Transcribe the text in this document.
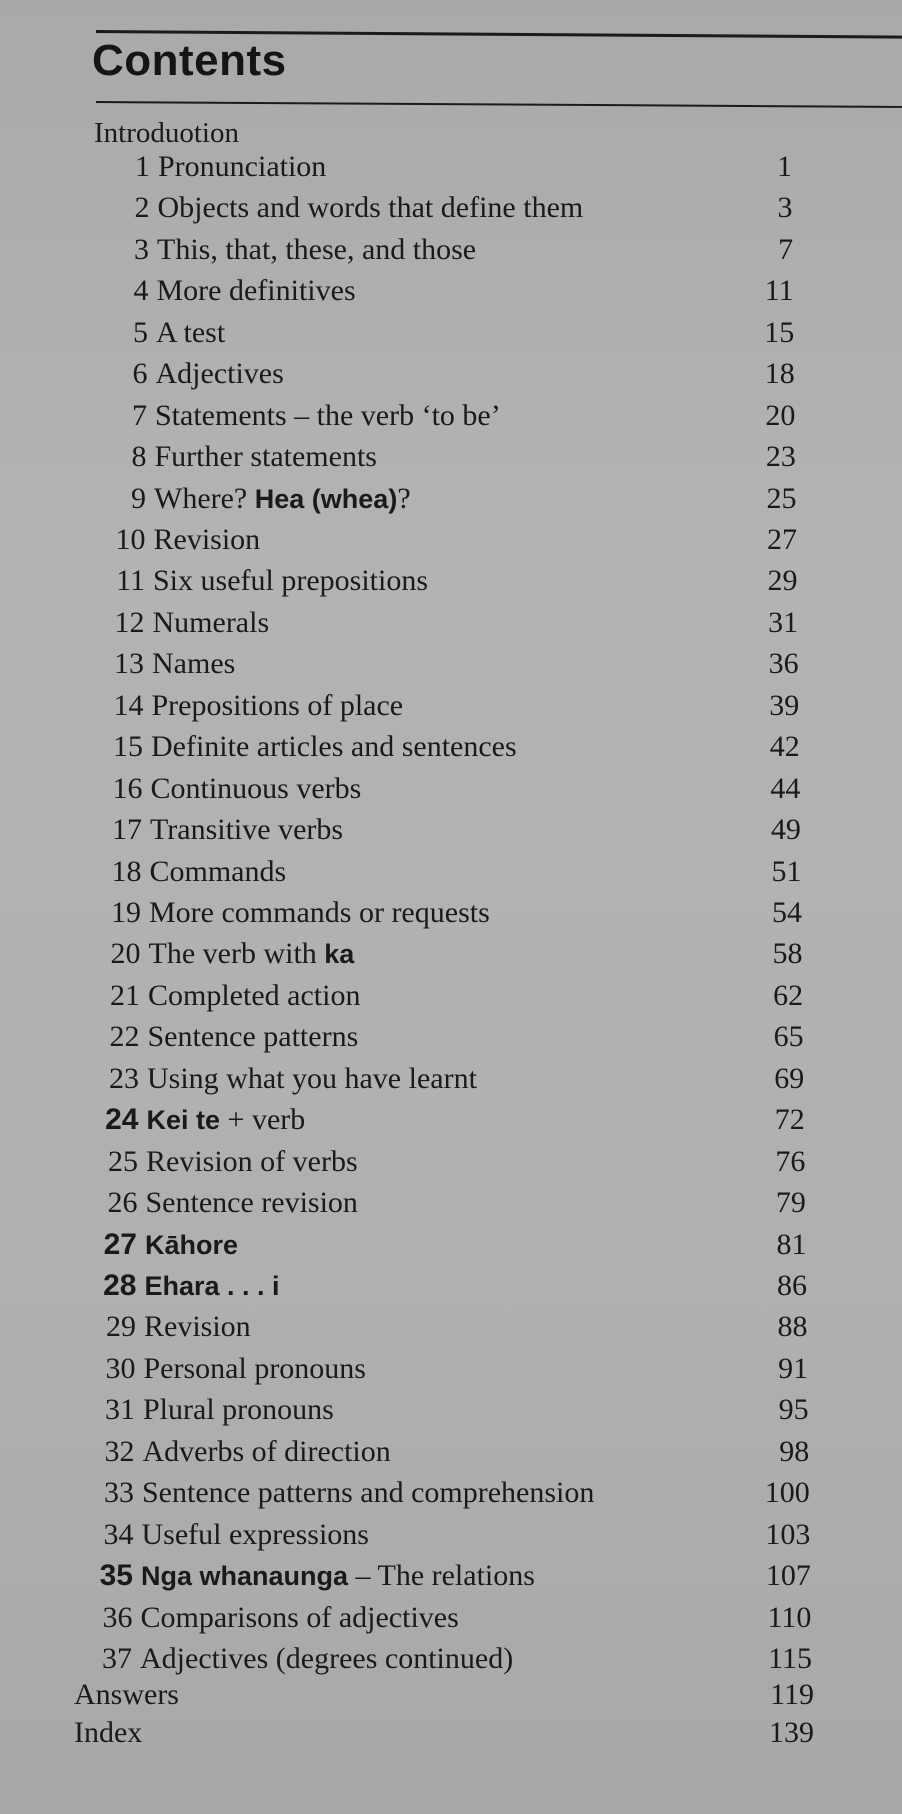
Contents
Introduotion
1 Pronunciation	1
2 Objects and words that define them	3
3 This, that, these, and those	7
4 More definitives	11
5 A test	15
6 Adjectives	18
7 Statements – the verb ‘to be’	20
8 Further statements	23
9 Where? Hea (whea)?	25
10 Revision	27
11 Six useful prepositions	29
12 Numerals	31
13 Names	36
14 Prepositions of place	39
15 Definite articles and sentences	42
16 Continuous verbs	44
17 Transitive verbs	49
18 Commands	51
19 More commands or requests	54
20 The verb with ka	58
21 Completed action	62
22 Sentence patterns	65
23 Using what you have learnt	69
24 Kei te + verb	72
25 Revision of verbs	76
26 Sentence revision	79
27 Kāhore	81
28 Ehara . . . i	86
29 Revision	88
30 Personal pronouns	91
31 Plural pronouns	95
32 Adverbs of direction	98
33 Sentence patterns and comprehension	100
34 Useful expressions	103
35 Nga whanaunga – The relations	107
36 Comparisons of adjectives	110
37 Adjectives (degrees continued)	115
Answers	119
Index	139
